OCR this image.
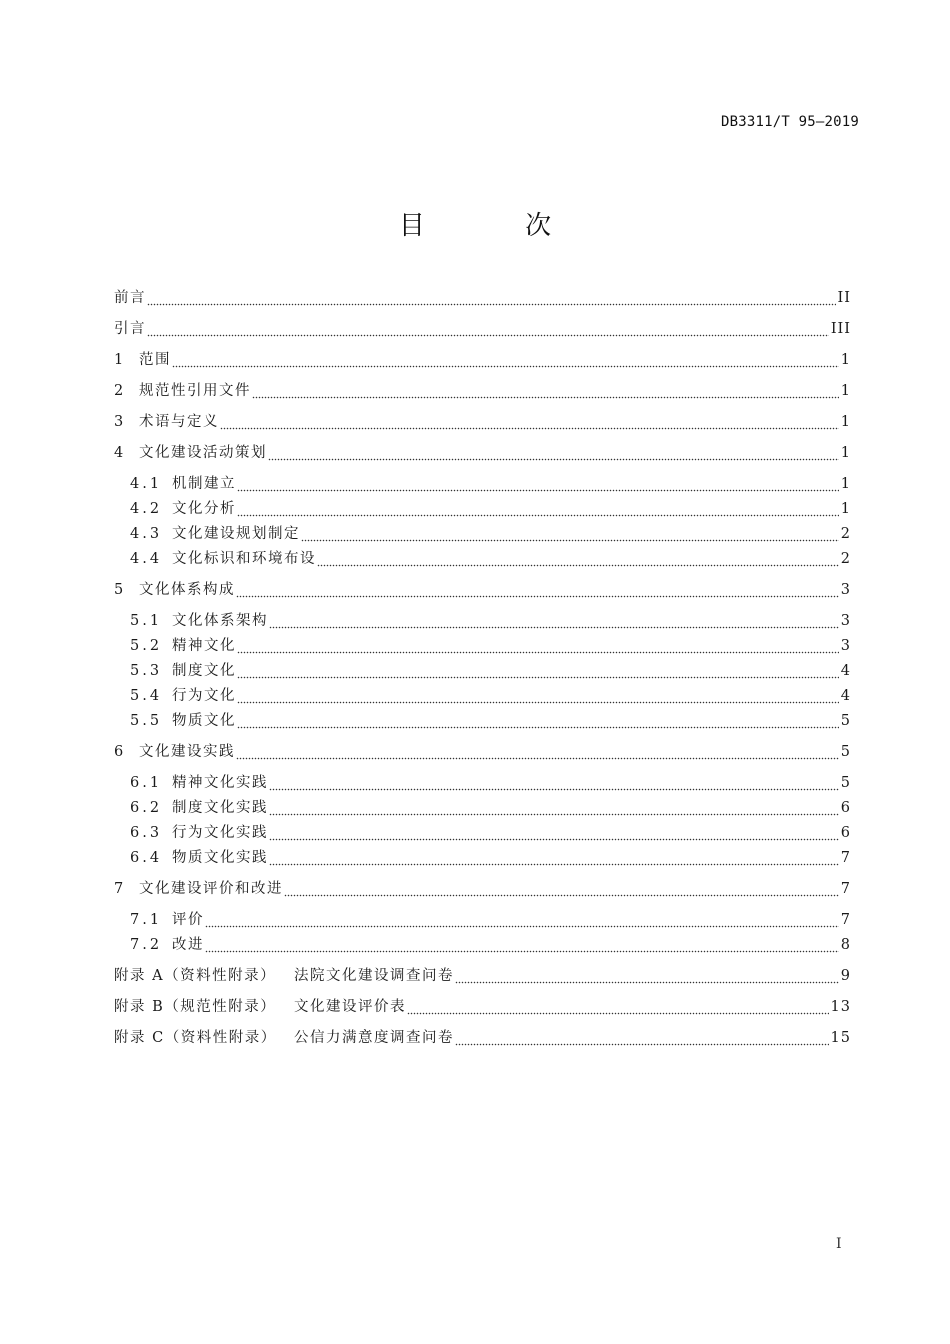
DB3311/T 95—2019
目 次
前言	II
引言	III
1 范围	1
2 规范性引用文件	1
3 术语与定义	1
4 文化建设活动策划	1
4.1 机制建立	1
4.2 文化分析	1
4.3 文化建设规划制定	2
4.4 文化标识和环境布设	2
5 文化体系构成	3
5.1 文化体系架构	3
5.2 精神文化	3
5.3 制度文化	4
5.4 行为文化	4
5.5 物质文化	5
6 文化建设实践	5
6.1 精神文化实践	5
6.2 制度文化实践	6
6.3 行为文化实践	6
6.4 物质文化实践	7
7 文化建设评价和改进	7
7.1 评价	7
7.2 改进	8
附录 A（资料性附录）	法院文化建设调查问卷	9
附录 B（规范性附录）	文化建设评价表	13
附录 C（资料性附录）	公信力满意度调查问卷	15
I
